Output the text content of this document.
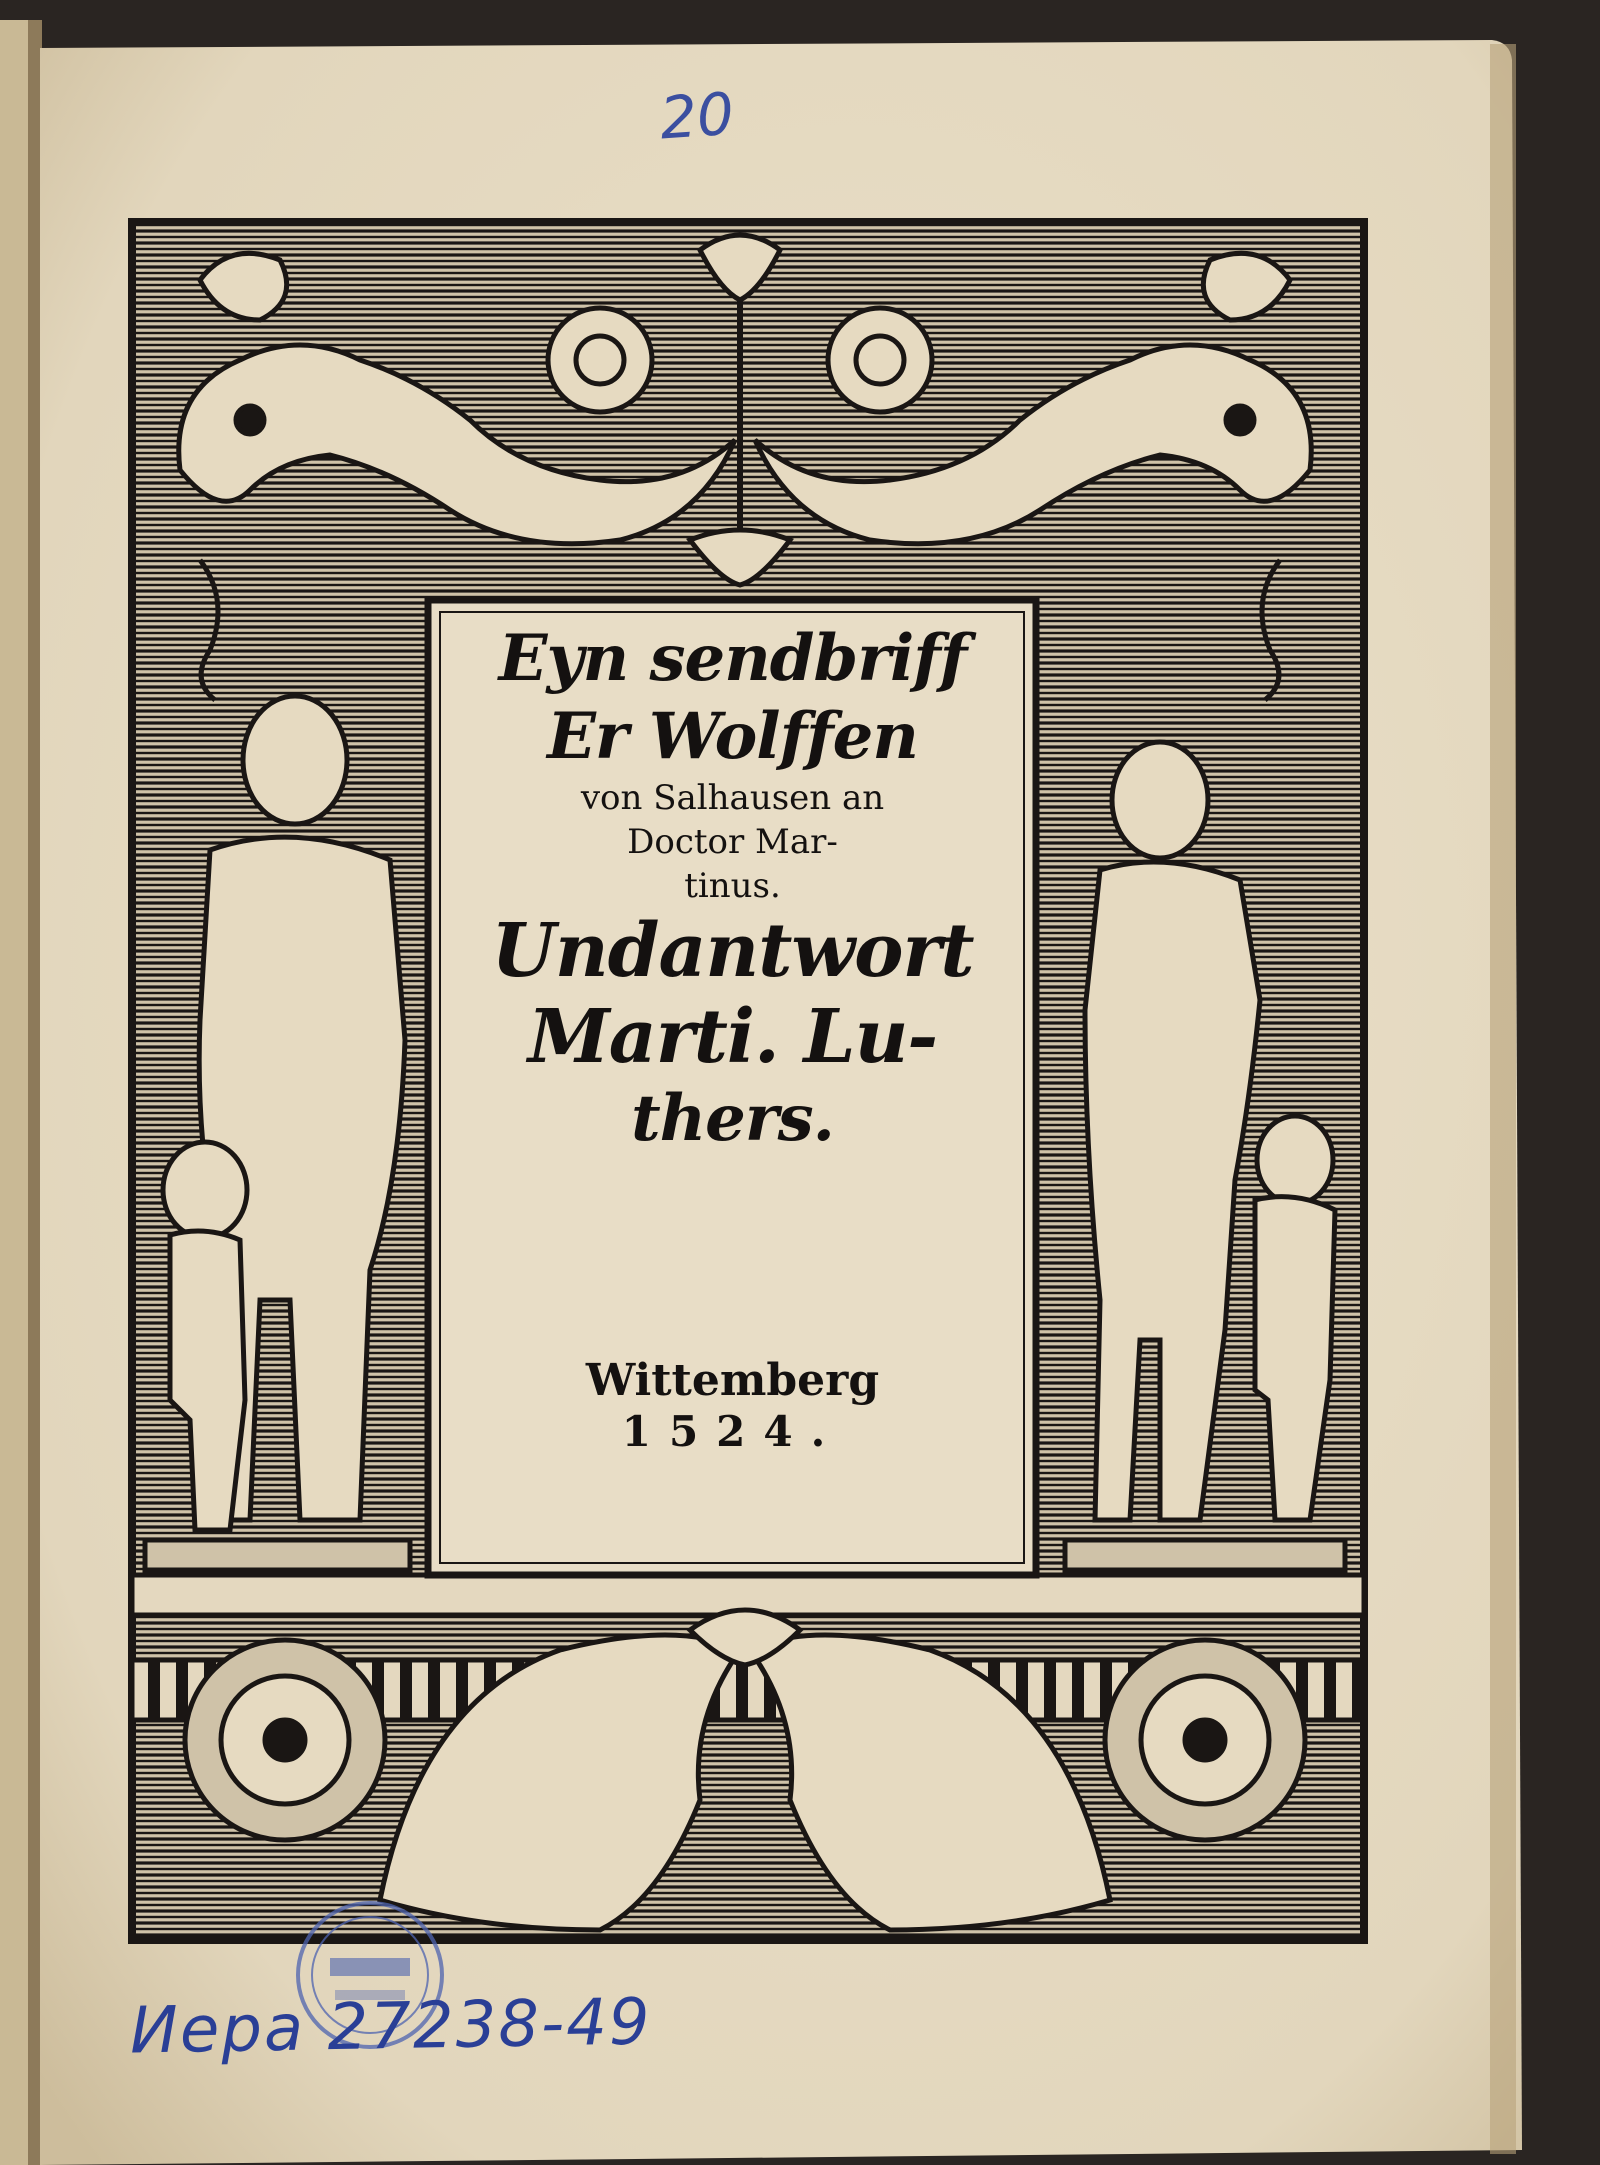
20
Eyn sendbriff
Er Wolffen
von Salhausen an
Doctor Mar-
tinus.
Undantwort
Marti. Lu-
thers.
Wittemberg
1524.
Иера 27238-49
